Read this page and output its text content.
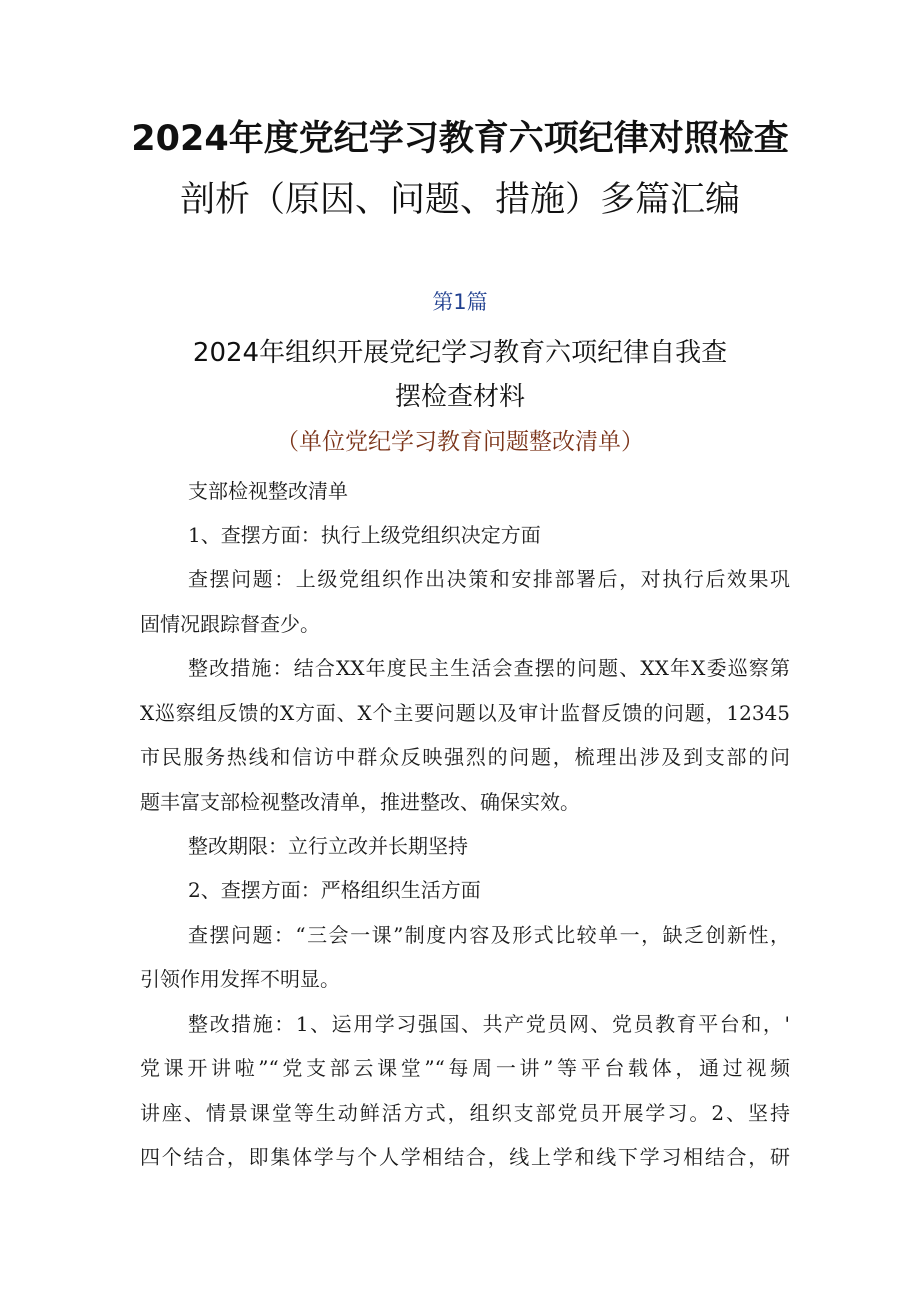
2024年度党纪学习教育六项纪律对照检查
剖析（原因、问题、措施）多篇汇编
第1篇
2024年组织开展党纪学习教育六项纪律自我查
摆检查材料
（单位党纪学习教育问题整改清单）
支部检视整改清单
1、查摆方面：执行上级党组织决定方面
查摆问题：上级党组织作出决策和安排部署后，对执行后效果巩
固情况跟踪督查少。
整改措施：结合XX年度民主生活会查摆的问题、XX年X委巡察第
X巡察组反馈的X方面、X个主要问题以及审计监督反馈的问题，12345
市民服务热线和信访中群众反映强烈的问题，梳理出涉及到支部的问
题丰富支部检视整改清单，推进整改、确保实效。
整改期限：立行立改并长期坚持
2、查摆方面：严格组织生活方面
查摆问题：“三会一课”制度内容及形式比较单一，缺乏创新性，
引领作用发挥不明显。
整改措施：1、运用学习强国、共产党员网、党员教育平台和，'
党课开讲啦”“党支部云课堂”“每周一讲”等平台载体，通过视频
讲座、情景课堂等生动鲜活方式，组织支部党员开展学习。2、坚持
四个结合，即集体学与个人学相结合，线上学和线下学习相结合，研
